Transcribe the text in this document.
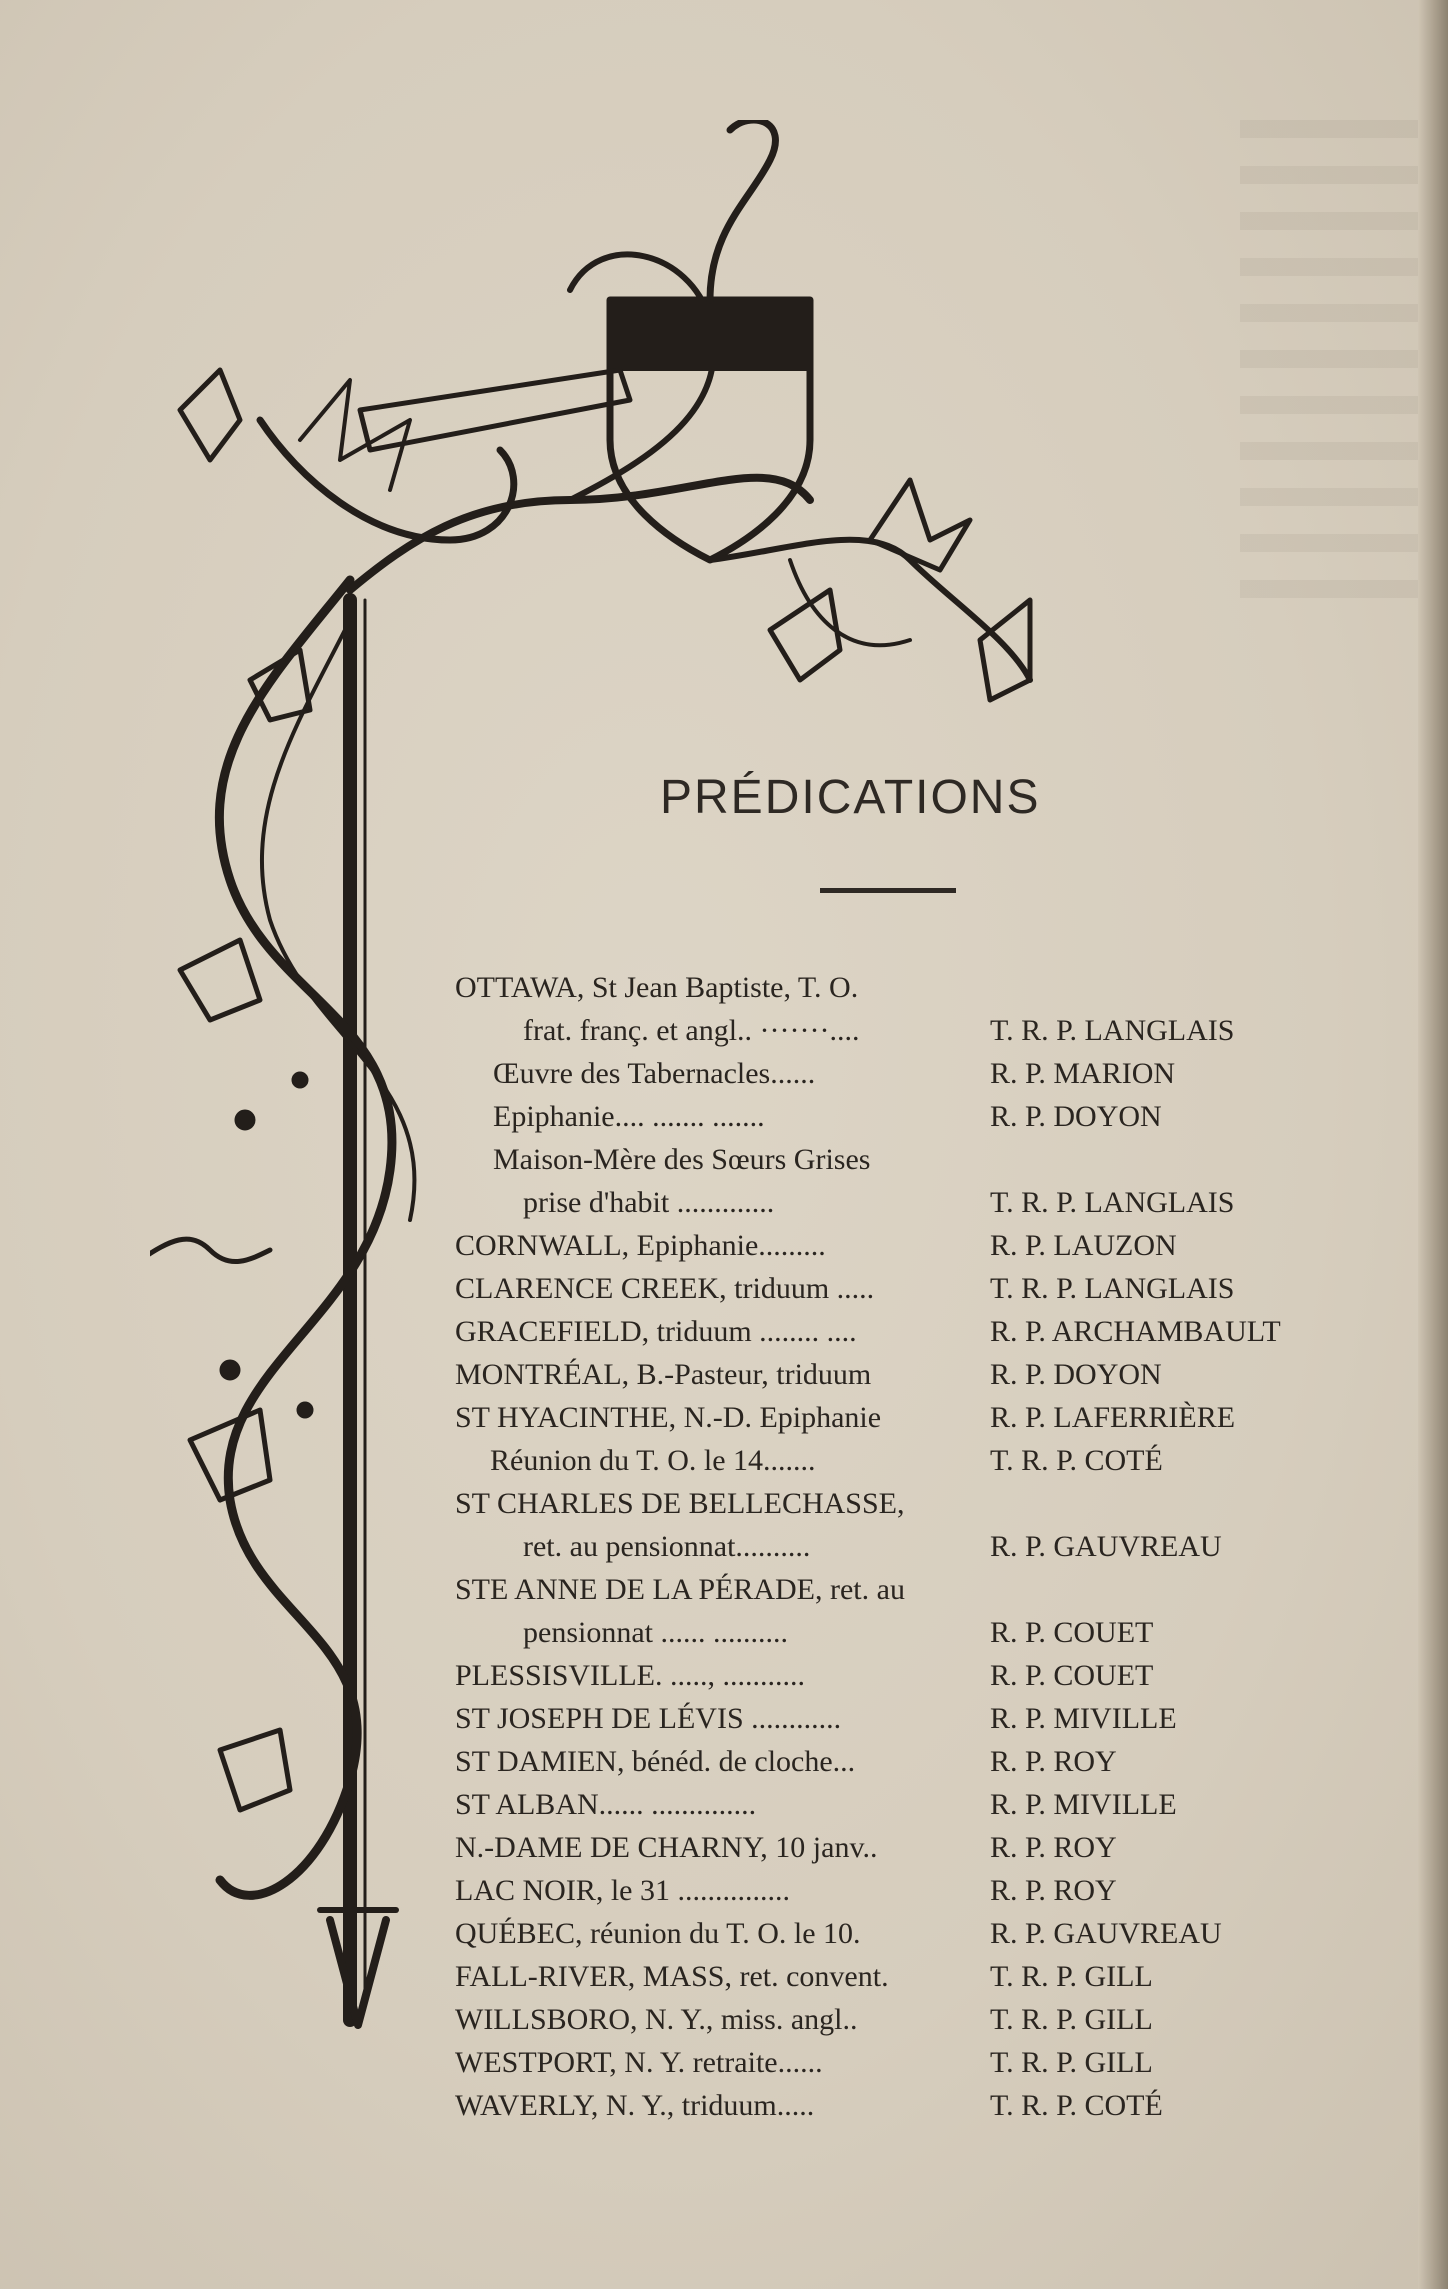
PRÉDICATIONS
OTTAWA, St Jean Baptiste, T. O.
frat. franç. et angl.. ·······....	T. R. P. LANGLAIS
Œuvre des Tabernacles......	R. P. MARION
Epiphanie.... ....... .......	R. P. DOYON
Maison-Mère des Sœurs Grises
prise d'habit .............	T. R. P. LANGLAIS
CORNWALL, Epiphanie.........	R. P. LAUZON
CLARENCE CREEK, triduum .....	T. R. P. LANGLAIS
GRACEFIELD, triduum ........ ....	R. P. ARCHAMBAULT
MONTRÉAL, B.-Pasteur, triduum	R. P. DOYON
ST HYACINTHE, N.-D. Epiphanie	R. P. LAFERRIÈRE
Réunion du T. O. le 14.......	T. R. P. COTÉ
ST CHARLES DE BELLECHASSE,
ret. au pensionnat..........	R. P. GAUVREAU
STE ANNE DE LA PÉRADE, ret. au
pensionnat ...... ..........	R. P. COUET
PLESSISVILLE. ....., ...........	R. P. COUET
ST JOSEPH DE LÉVIS ............	R. P. MIVILLE
ST DAMIEN, bénéd. de cloche...	R. P. ROY
ST ALBAN...... ..............	R. P. MIVILLE
N.-DAME DE CHARNY, 10 janv..	R. P. ROY
LAC NOIR, le 31 ...............	R. P. ROY
QUÉBEC, réunion du T. O. le 10.	R. P. GAUVREAU
FALL-RIVER, MASS, ret. convent.	T. R. P. GILL
WILLSBORO, N. Y., miss. angl..	T. R. P. GILL
WESTPORT, N. Y. retraite......	T. R. P. GILL
WAVERLY, N. Y., triduum.....	T. R. P. COTÉ
